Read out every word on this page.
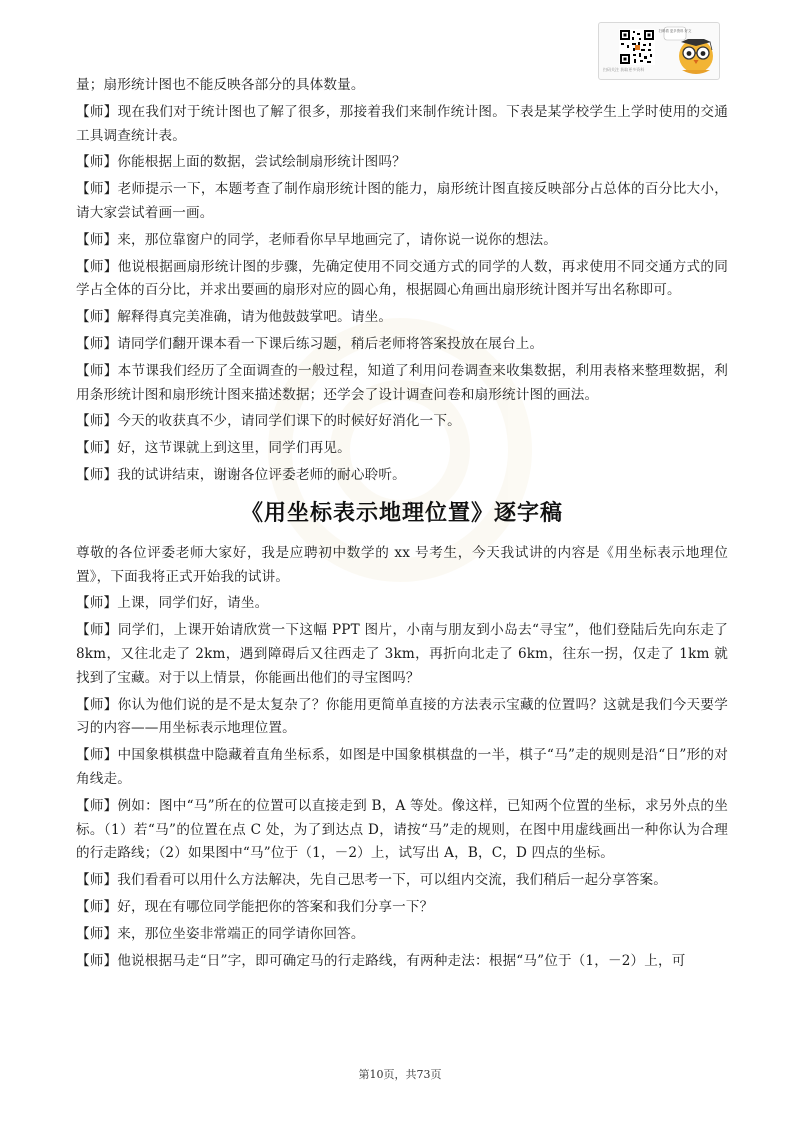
扫码关注 获取更多资料
扫码看 更多资料 好文

量；扇形统计图也不能反映各部分的具体数量。

【师】现在我们对于统计图也了解了很多，那接着我们来制作统计图。下表是某学校学生上学时使用的交通工具调查统计表。

【师】你能根据上面的数据，尝试绘制扇形统计图吗？

【师】老师提示一下，本题考查了制作扇形统计图的能力，扇形统计图直接反映部分占总体的百分比大小，请大家尝试着画一画。

【师】来，那位靠窗户的同学，老师看你早早地画完了，请你说一说你的想法。

【师】他说根据画扇形统计图的步骤，先确定使用不同交通方式的同学的人数，再求使用不同交通方式的同学占全体的百分比，并求出要画的扇形对应的圆心角，根据圆心角画出扇形统计图并写出名称即可。

【师】解释得真完美准确，请为他鼓鼓掌吧。请坐。

【师】请同学们翻开课本看一下课后练习题，稍后老师将答案投放在展台上。

【师】本节课我们经历了全面调查的一般过程，知道了利用问卷调查来收集数据，利用表格来整理数据，利用条形统计图和扇形统计图来描述数据；还学会了设计调查问卷和扇形统计图的画法。

【师】今天的收获真不少，请同学们课下的时候好好消化一下。

【师】好，这节课就上到这里，同学们再见。

【师】我的试讲结束，谢谢各位评委老师的耐心聆听。

《用坐标表示地理位置》逐字稿

尊敬的各位评委老师大家好，我是应聘初中数学的 xx 号考生，今天我试讲的内容是《用坐标表示地理位置》，下面我将正式开始我的试讲。

【师】上课，同学们好，请坐。

【师】同学们，上课开始请欣赏一下这幅 PPT 图片，小南与朋友到小岛去“寻宝”，他们登陆后先向东走了 8km，又往北走了 2km，遇到障碍后又往西走了 3km，再折向北走了 6km，往东一拐，仅走了 1km 就找到了宝藏。对于以上情景，你能画出他们的寻宝图吗？

【师】你认为他们说的是不是太复杂了？你能用更简单直接的方法表示宝藏的位置吗？这就是我们今天要学习的内容——用坐标表示地理位置。

【师】中国象棋棋盘中隐藏着直角坐标系，如图是中国象棋棋盘的一半，棋子“马”走的规则是沿“日”形的对角线走。

【师】例如：图中“马”所在的位置可以直接走到 B，A 等处。像这样，已知两个位置的坐标，求另外点的坐标。（1）若“马”的位置在点 C 处，为了到达点 D，请按“马”走的规则，在图中用虚线画出一种你认为合理的行走路线；（2）如果图中“马”位于（1，－2）上，试写出 A，B，C，D 四点的坐标。

【师】我们看看可以用什么方法解决，先自己思考一下，可以组内交流，我们稍后一起分享答案。

【师】好，现在有哪位同学能把你的答案和我们分享一下？

【师】来，那位坐姿非常端正的同学请你回答。

【师】他说根据马走“日”字，即可确定马的行走路线，有两种走法：根据“马”位于（1，－2）上，可

第10页，共73页
